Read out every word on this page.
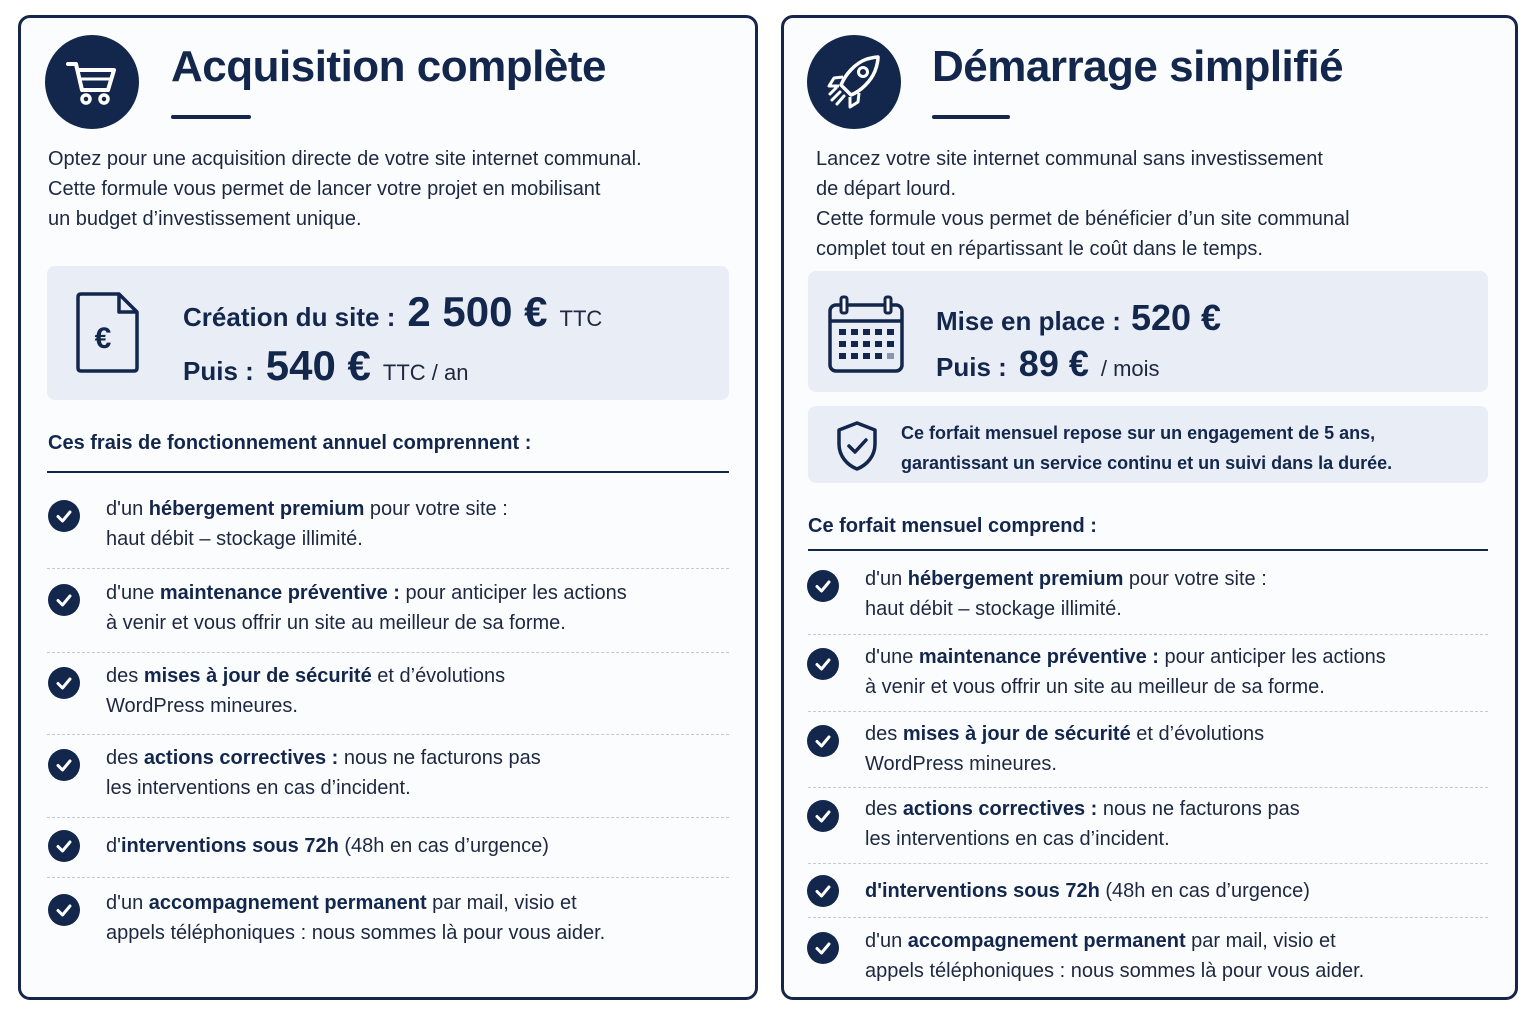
Acquisition complète
Optez pour une acquisition directe de votre site internet communal.
Cette formule vous permet de lancer votre projet en mobilisant
un budget d’investissement unique.
€
Création du site : 2 500 € TTC
Puis : 540 € TTC / an
Ces frais de fonctionnement annuel comprennent :
d'un hébergement premium pour votre site :
haut débit – stockage illimité.
d'une maintenance préventive : pour anticiper les actions
à venir et vous offrir un site au meilleur de sa forme.
des mises à jour de sécurité et d’évolutions
WordPress mineures.
des actions correctives : nous ne facturons pas
les interventions en cas d’incident.
d'interventions sous 72h (48h en cas d’urgence)
d'un accompagnement permanent par mail, visio et
appels téléphoniques : nous sommes là pour vous aider.
Démarrage simplifié
Lancez votre site internet communal sans investissement
de départ lourd.
Cette formule vous permet de bénéficier d’un site communal
complet tout en répartissant le coût dans le temps.
Mise en place : 520 €
Puis : 89 € / mois
Ce forfait mensuel repose sur un engagement de 5 ans,
garantissant un service continu et un suivi dans la durée.
Ce forfait mensuel comprend :
d'un hébergement premium pour votre site :
haut débit – stockage illimité.
d'une maintenance préventive : pour anticiper les actions
à venir et vous offrir un site au meilleur de sa forme.
des mises à jour de sécurité et d’évolutions
WordPress mineures.
des actions correctives : nous ne facturons pas
les interventions en cas d’incident.
d'interventions sous 72h (48h en cas d’urgence)
d'un accompagnement permanent par mail, visio et
appels téléphoniques : nous sommes là pour vous aider.
